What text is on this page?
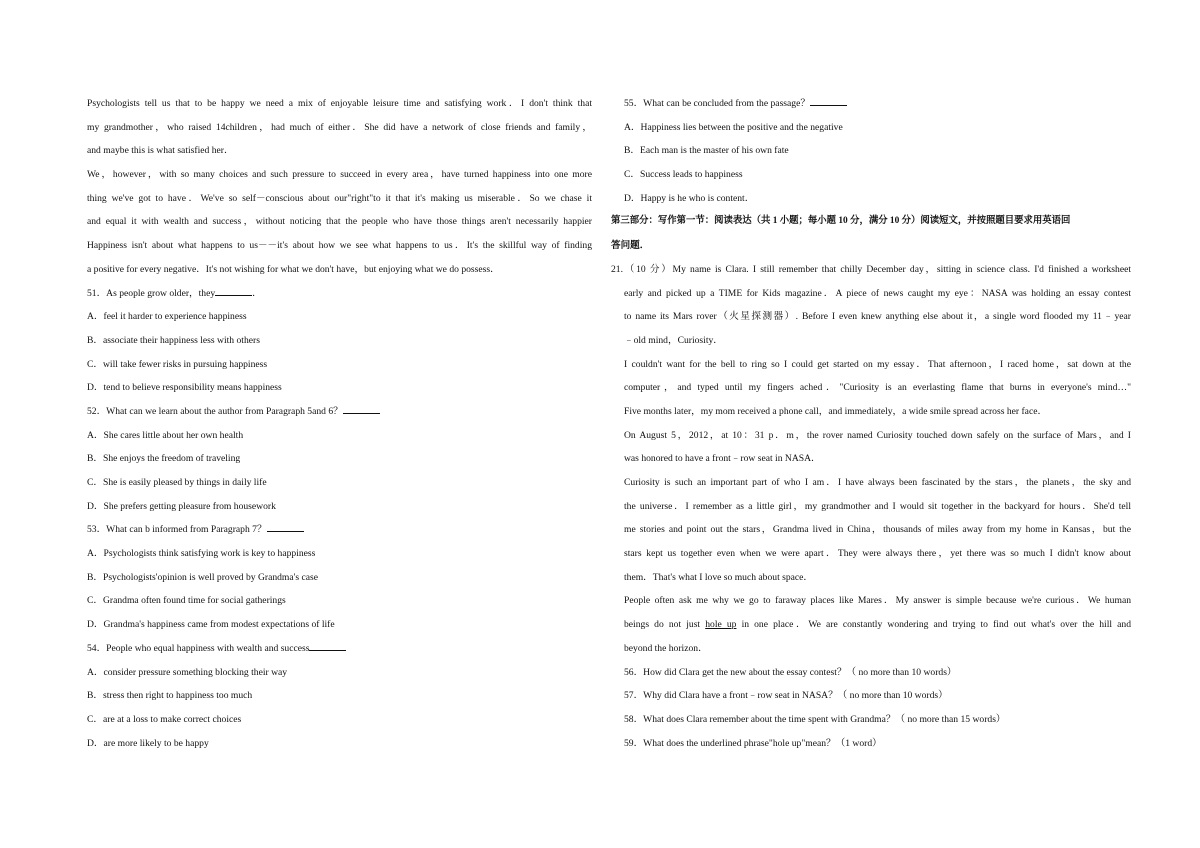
Psychologists tell us that to be happy we need a mix of enjoyable leisure time and satisfying work．I don't think that
my grandmother，who raised 14children，had much of either．She did have a network of close friends and family，
and maybe this is what satisfied her．
We，however，with so many choices and such pressure to succeed in every area，have turned happiness into one more
thing we've got to have．We've so self－conscious about our"right"to it that it's making us miserable．So we chase it
and equal it with wealth and success，without noticing that the people who have those things aren't necessarily happier
Happiness isn't about what happens to us－－it's about how we see what happens to us．It's the skillful way of finding
a positive for every negative．It's not wishing for what we don't have，but enjoying what we do possess．
51．As people grow older，they	．
A．feel it harder to experience happiness
B．associate their happiness less with others
C．will take fewer risks in pursuing happiness
D．tend to believe responsibility means happiness
52．What can we learn about the author from Paragraph 5and 6？
A．She cares little about her own health
B．She enjoys the freedom of traveling
C．She is easily pleased by things in daily life
D．She prefers getting pleasure from housework
53．What can b informed from Paragraph 7？
A．Psychologists think satisfying work is key to happiness
B．Psychologists'opinion is well proved by Grandma's case
C．Grandma often found time for social gatherings
D．Grandma's happiness came from modest expectations of life
54．People who equal happiness with wealth and success
A．consider pressure something blocking their way
B．stress then right to happiness too much
C．are at a loss to make correct choices
D．are more likely to be happy
55．What can be concluded from the passage？
A．Happiness lies between the positive and the negative
B．Each man is the master of his own fate
C．Success leads to happiness
D．Happy is he who is content．
第三部分：写作第一节：阅读表达（共 1 小题；每小题 10 分，满分 10 分）阅读短文，并按照题目要求用英语回
答问题．
21.（10 分）My name is Clara. I still remember that chilly December day，sitting in science class. I'd finished a worksheet
early and picked up a TIME for Kids magazine．A piece of news caught my eye：NASA was holding an essay contest
to name its Mars rover（火星探测器）. Before I even knew anything else about it，a single word flooded my 11﹣year
﹣old mind，Curiosity．
I couldn't want for the bell to ring so I could get started on my essay．That afternoon，I raced home，sat down at the
computer，and typed until my fingers ached．"Curiosity is an everlasting flame that burns in everyone's mind…"
Five months later，my mom received a phone call，and immediately，a wide smile spread across her face．
On August 5，2012，at 10：31 p．m，the rover named Curiosity touched down safely on the surface of Mars，and I
was honored to have a front﹣row seat in NASA．
Curiosity is such an important part of who I am．I have always been fascinated by the stars，the planets，the sky and
the universe．I remember as a little girl，my grandmother and I would sit together in the backyard for hours．She'd tell
me stories and point out the stars，Grandma lived in China，thousands of miles away from my home in Kansas，but the
stars kept us together even when we were apart．They were always there，yet there was so much I didn't know about
them．That's what I love so much about space．
People often ask me why we go to faraway places like Mares．My answer is simple because we're curious．We human
beings do not just hole up in one place．We are constantly wondering and trying to find out what's over the hill and
beyond the horizon．
56．How did Clara get the new about the essay contest？（ no more than 10 words）
57．Why did Clara have a front﹣row seat in NASA？（ no more than 10 words）
58．What does Clara remember about the time spent with Grandma？（ no more than 15 words）
59．What does the underlined phrase"hole up"mean？（1 word）
